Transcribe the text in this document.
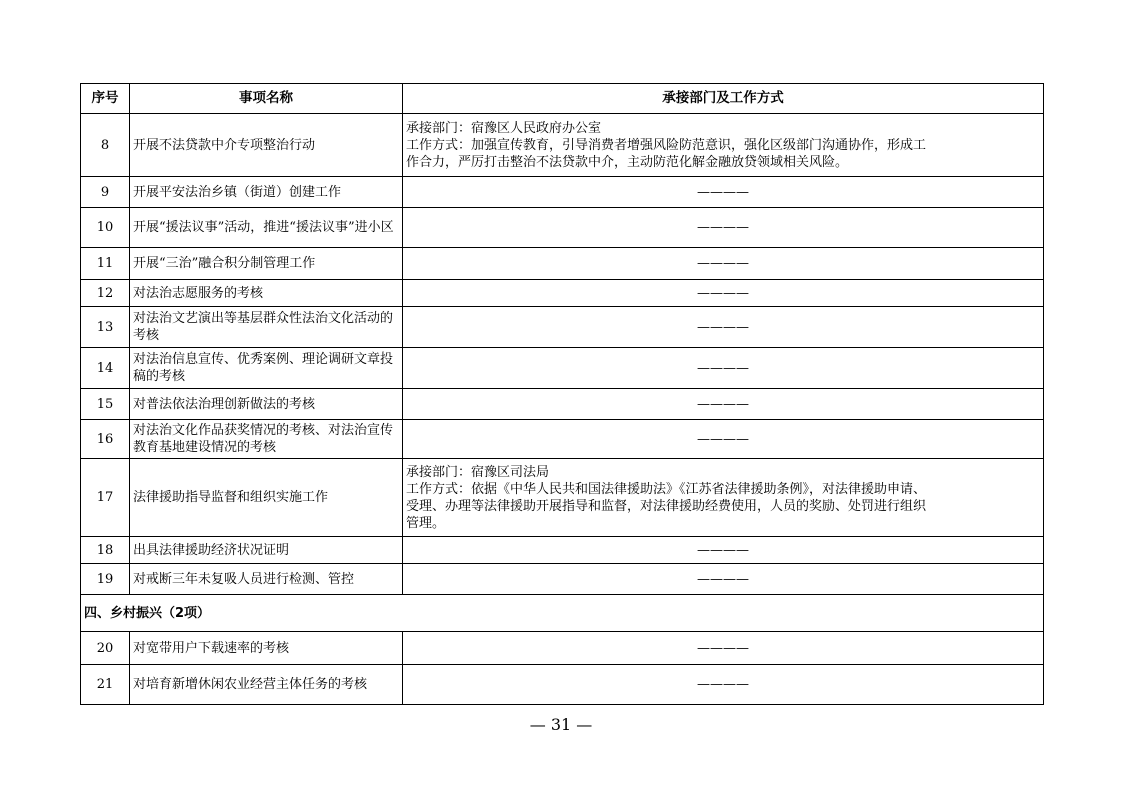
序号	事项名称	承接部门及工作方式
8	开展不法贷款中介专项整治行动	承接部门：宿豫区人民政府办公室
工作方式：加强宣传教育，引导消费者增强风险防范意识，强化区级部门沟通协作，形成工
作合力，严厉打击整治不法贷款中介，主动防范化解金融放贷领域相关风险。

9	开展平安法治乡镇（街道）创建工作	————
10	开展“援法议事”活动，推进“援法议事”进小区	————
11	开展“三治”融合积分制管理工作	————
12	对法治志愿服务的考核	————
13	对法治文艺演出等基层群众性法治文化活动的考核	————
14	对法治信息宣传、优秀案例、理论调研文章投稿的考核	————
15	对普法依法治理创新做法的考核	————
16	对法治文化作品获奖情况的考核、对法治宣传教育基地建设情况的考核	————
17	法律援助指导监督和组织实施工作	承接部门：宿豫区司法局
工作方式：依据《中华人民共和国法律援助法》《江苏省法律援助条例》，对法律援助申请、
受理、办理等法律援助开展指导和监督，对法律援助经费使用，人员的奖励、处罚进行组织
管理。

18	出具法律援助经济状况证明	————
19	对戒断三年未复吸人员进行检测、管控	————
四、乡村振兴（2项）		
20	对宽带用户下载速率的考核	————
21	对培育新增休闲农业经营主体任务的考核	————
— 31 —
